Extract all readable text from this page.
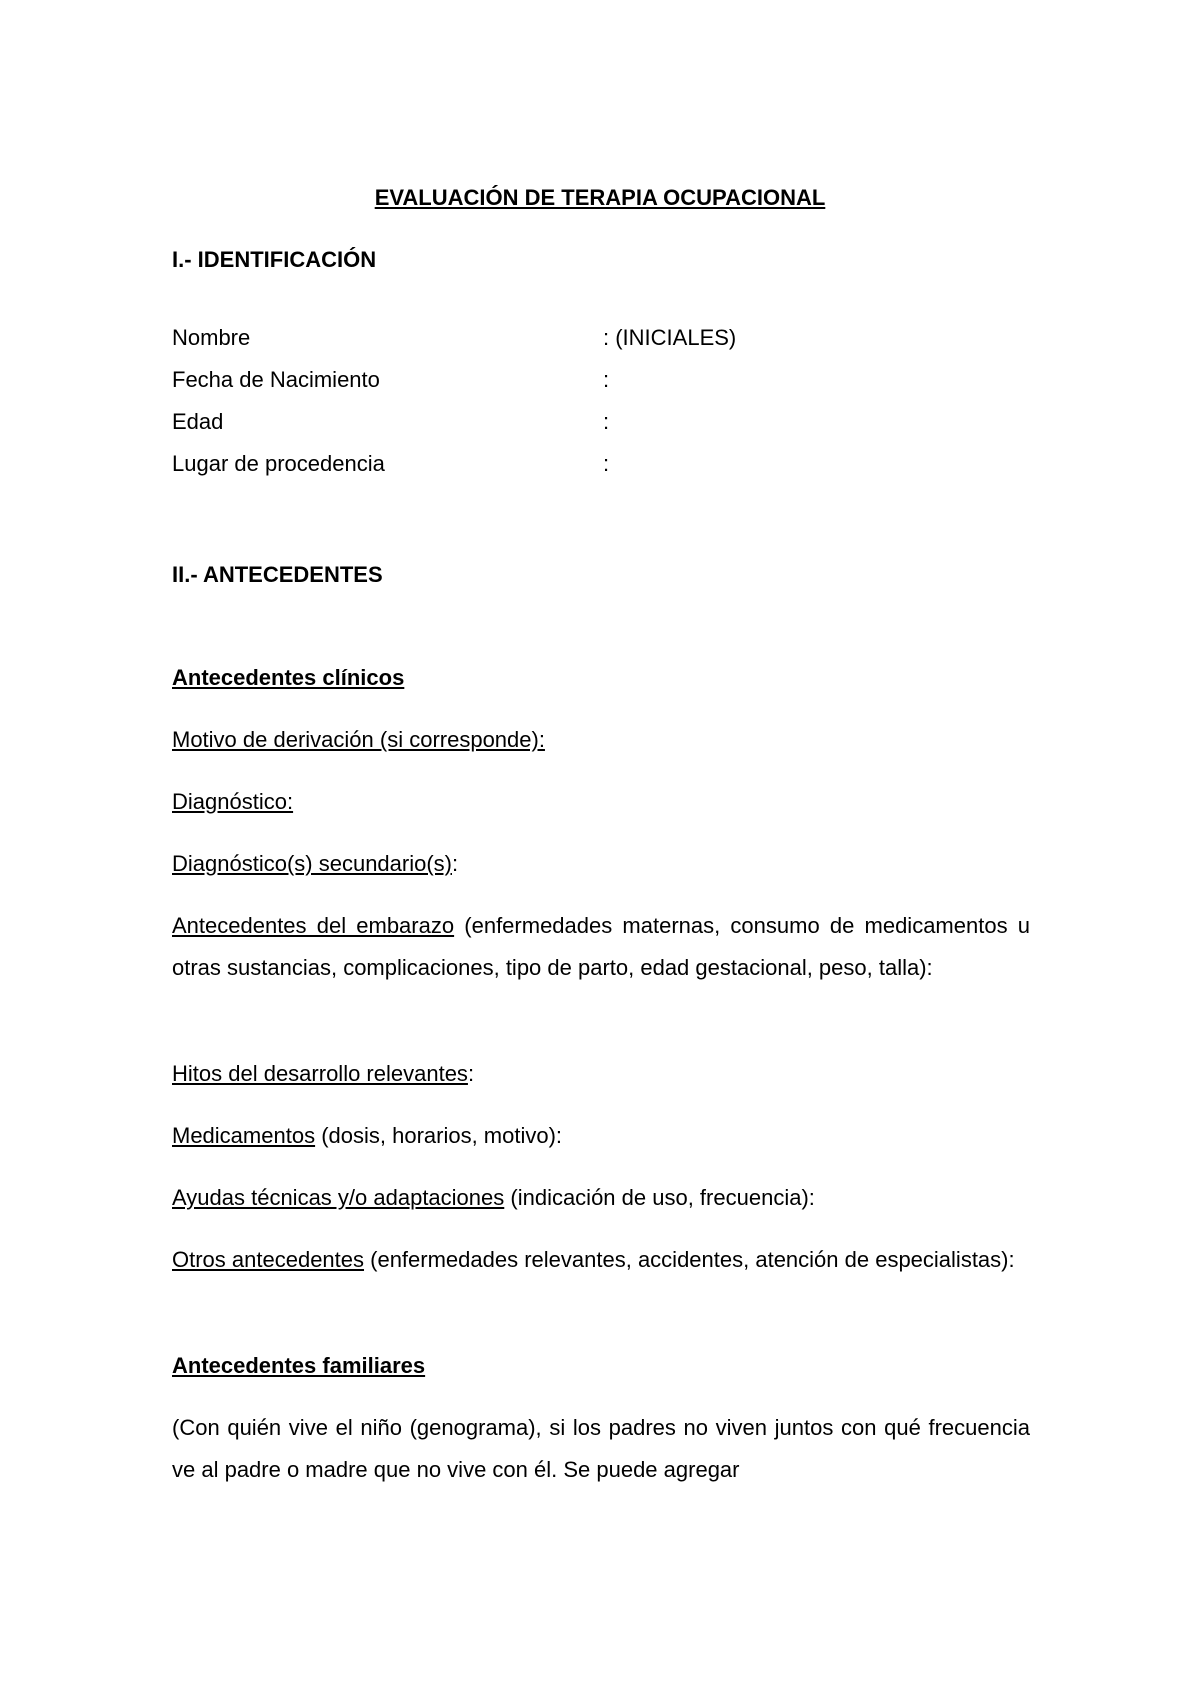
EVALUACIÓN DE TERAPIA OCUPACIONAL
I.- IDENTIFICACIÓN
Nombre	: (INICIALES)
Fecha de Nacimiento	:
Edad	:
Lugar de procedencia	:
II.- ANTECEDENTES
Antecedentes clínicos
Motivo de derivación (si corresponde):
Diagnóstico:
Diagnóstico(s) secundario(s):
Antecedentes del embarazo (enfermedades maternas, consumo de medicamentos u otras sustancias, complicaciones, tipo de parto, edad gestacional, peso, talla):
Hitos del desarrollo relevantes:
Medicamentos (dosis, horarios, motivo):
Ayudas técnicas y/o adaptaciones (indicación de uso, frecuencia):
Otros antecedentes (enfermedades relevantes, accidentes, atención de especialistas):
Antecedentes familiares
(Con quién vive el niño (genograma), si los padres no viven juntos con qué frecuencia ve al padre o madre que no vive con él. Se puede agregar
